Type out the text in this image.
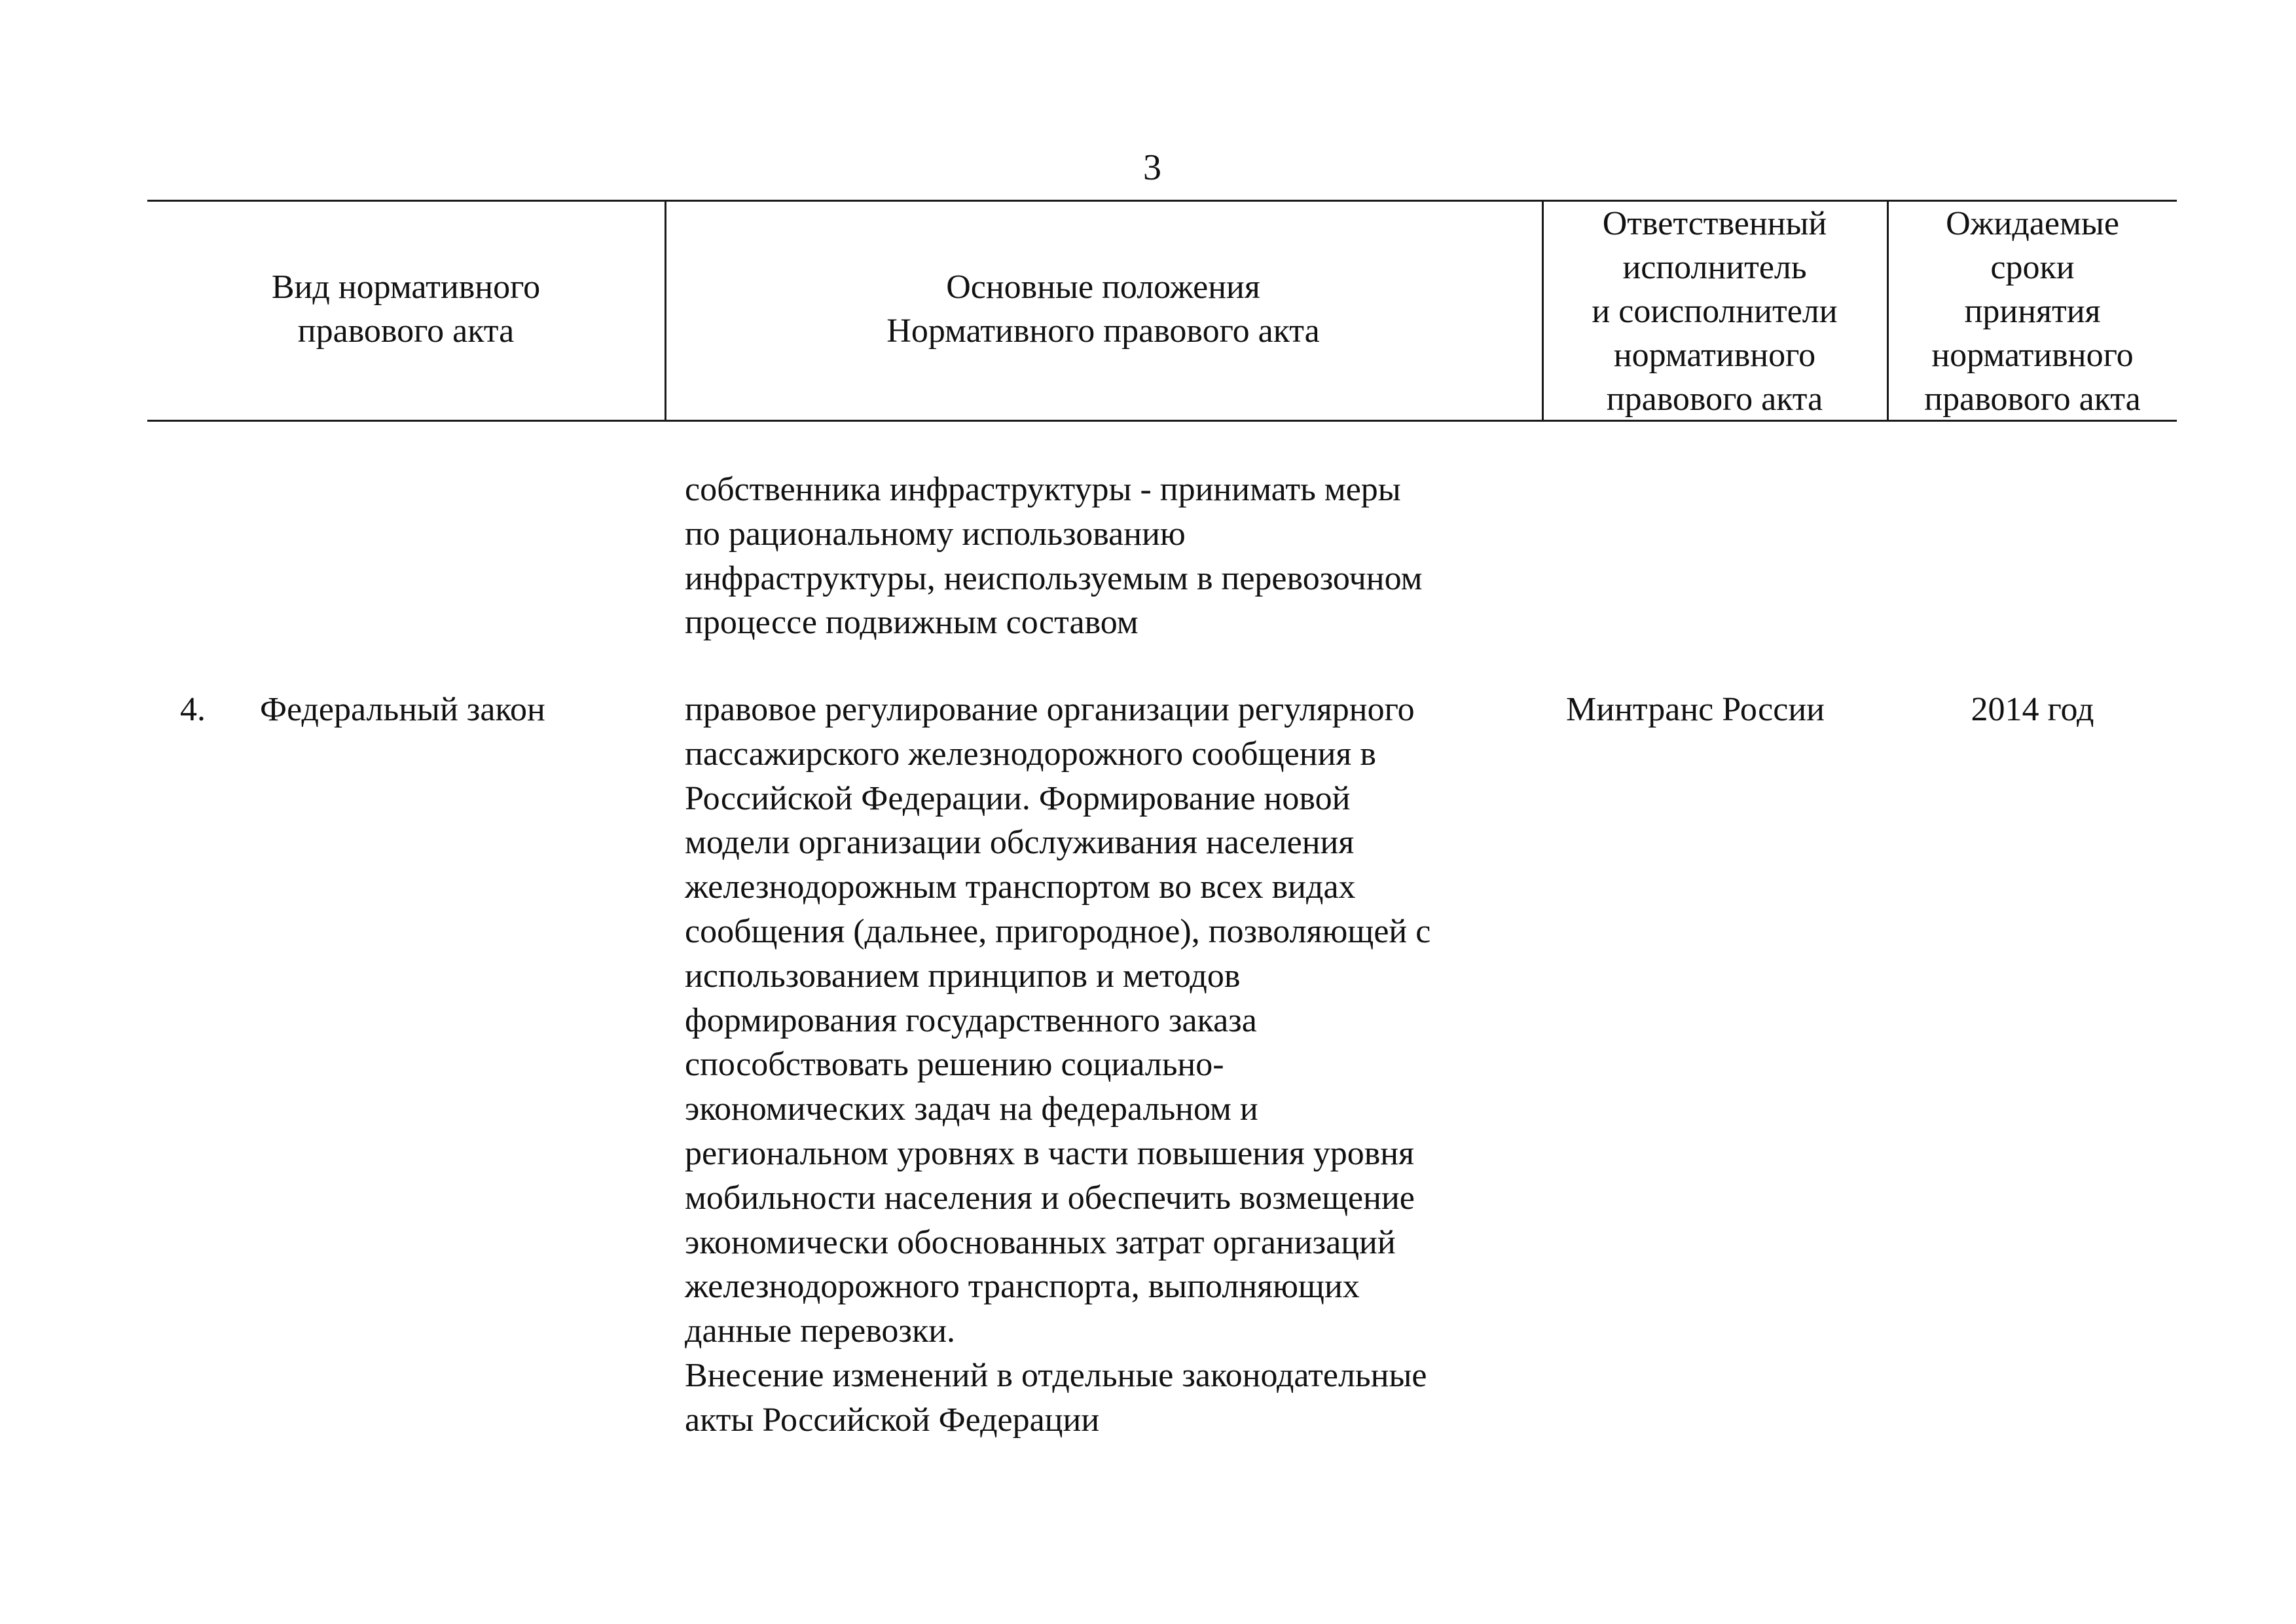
3
Вид нормативного
правового акта
Основные положения
Нормативного правового акта
Ответственный
исполнитель
и соисполнители
нормативного
правового акта
Ожидаемые
сроки
принятия
нормативного
правового акта
собственника инфраструктуры - принимать меры
по рациональному использованию
инфраструктуры, неиспользуемым в перевозочном
процессе подвижным составом
4. Федеральный закон	правовое регулирование организации регулярного
пассажирского железнодорожного сообщения в
Российской Федерации. Формирование новой
модели организации обслуживания населения
железнодорожным транспортом во всех видах
сообщения (дальнее, пригородное), позволяющей с
использованием принципов и методов
формирования государственного заказа
способствовать решению социально-
экономических задач на федеральном и
региональном уровнях в части повышения уровня
мобильности населения и обеспечить возмещение
экономически обоснованных затрат организаций
железнодорожного транспорта, выполняющих
данные перевозки.
Внесение изменений в отдельные законодательные
акты Российской Федерации
Минтранс России	2014 год
